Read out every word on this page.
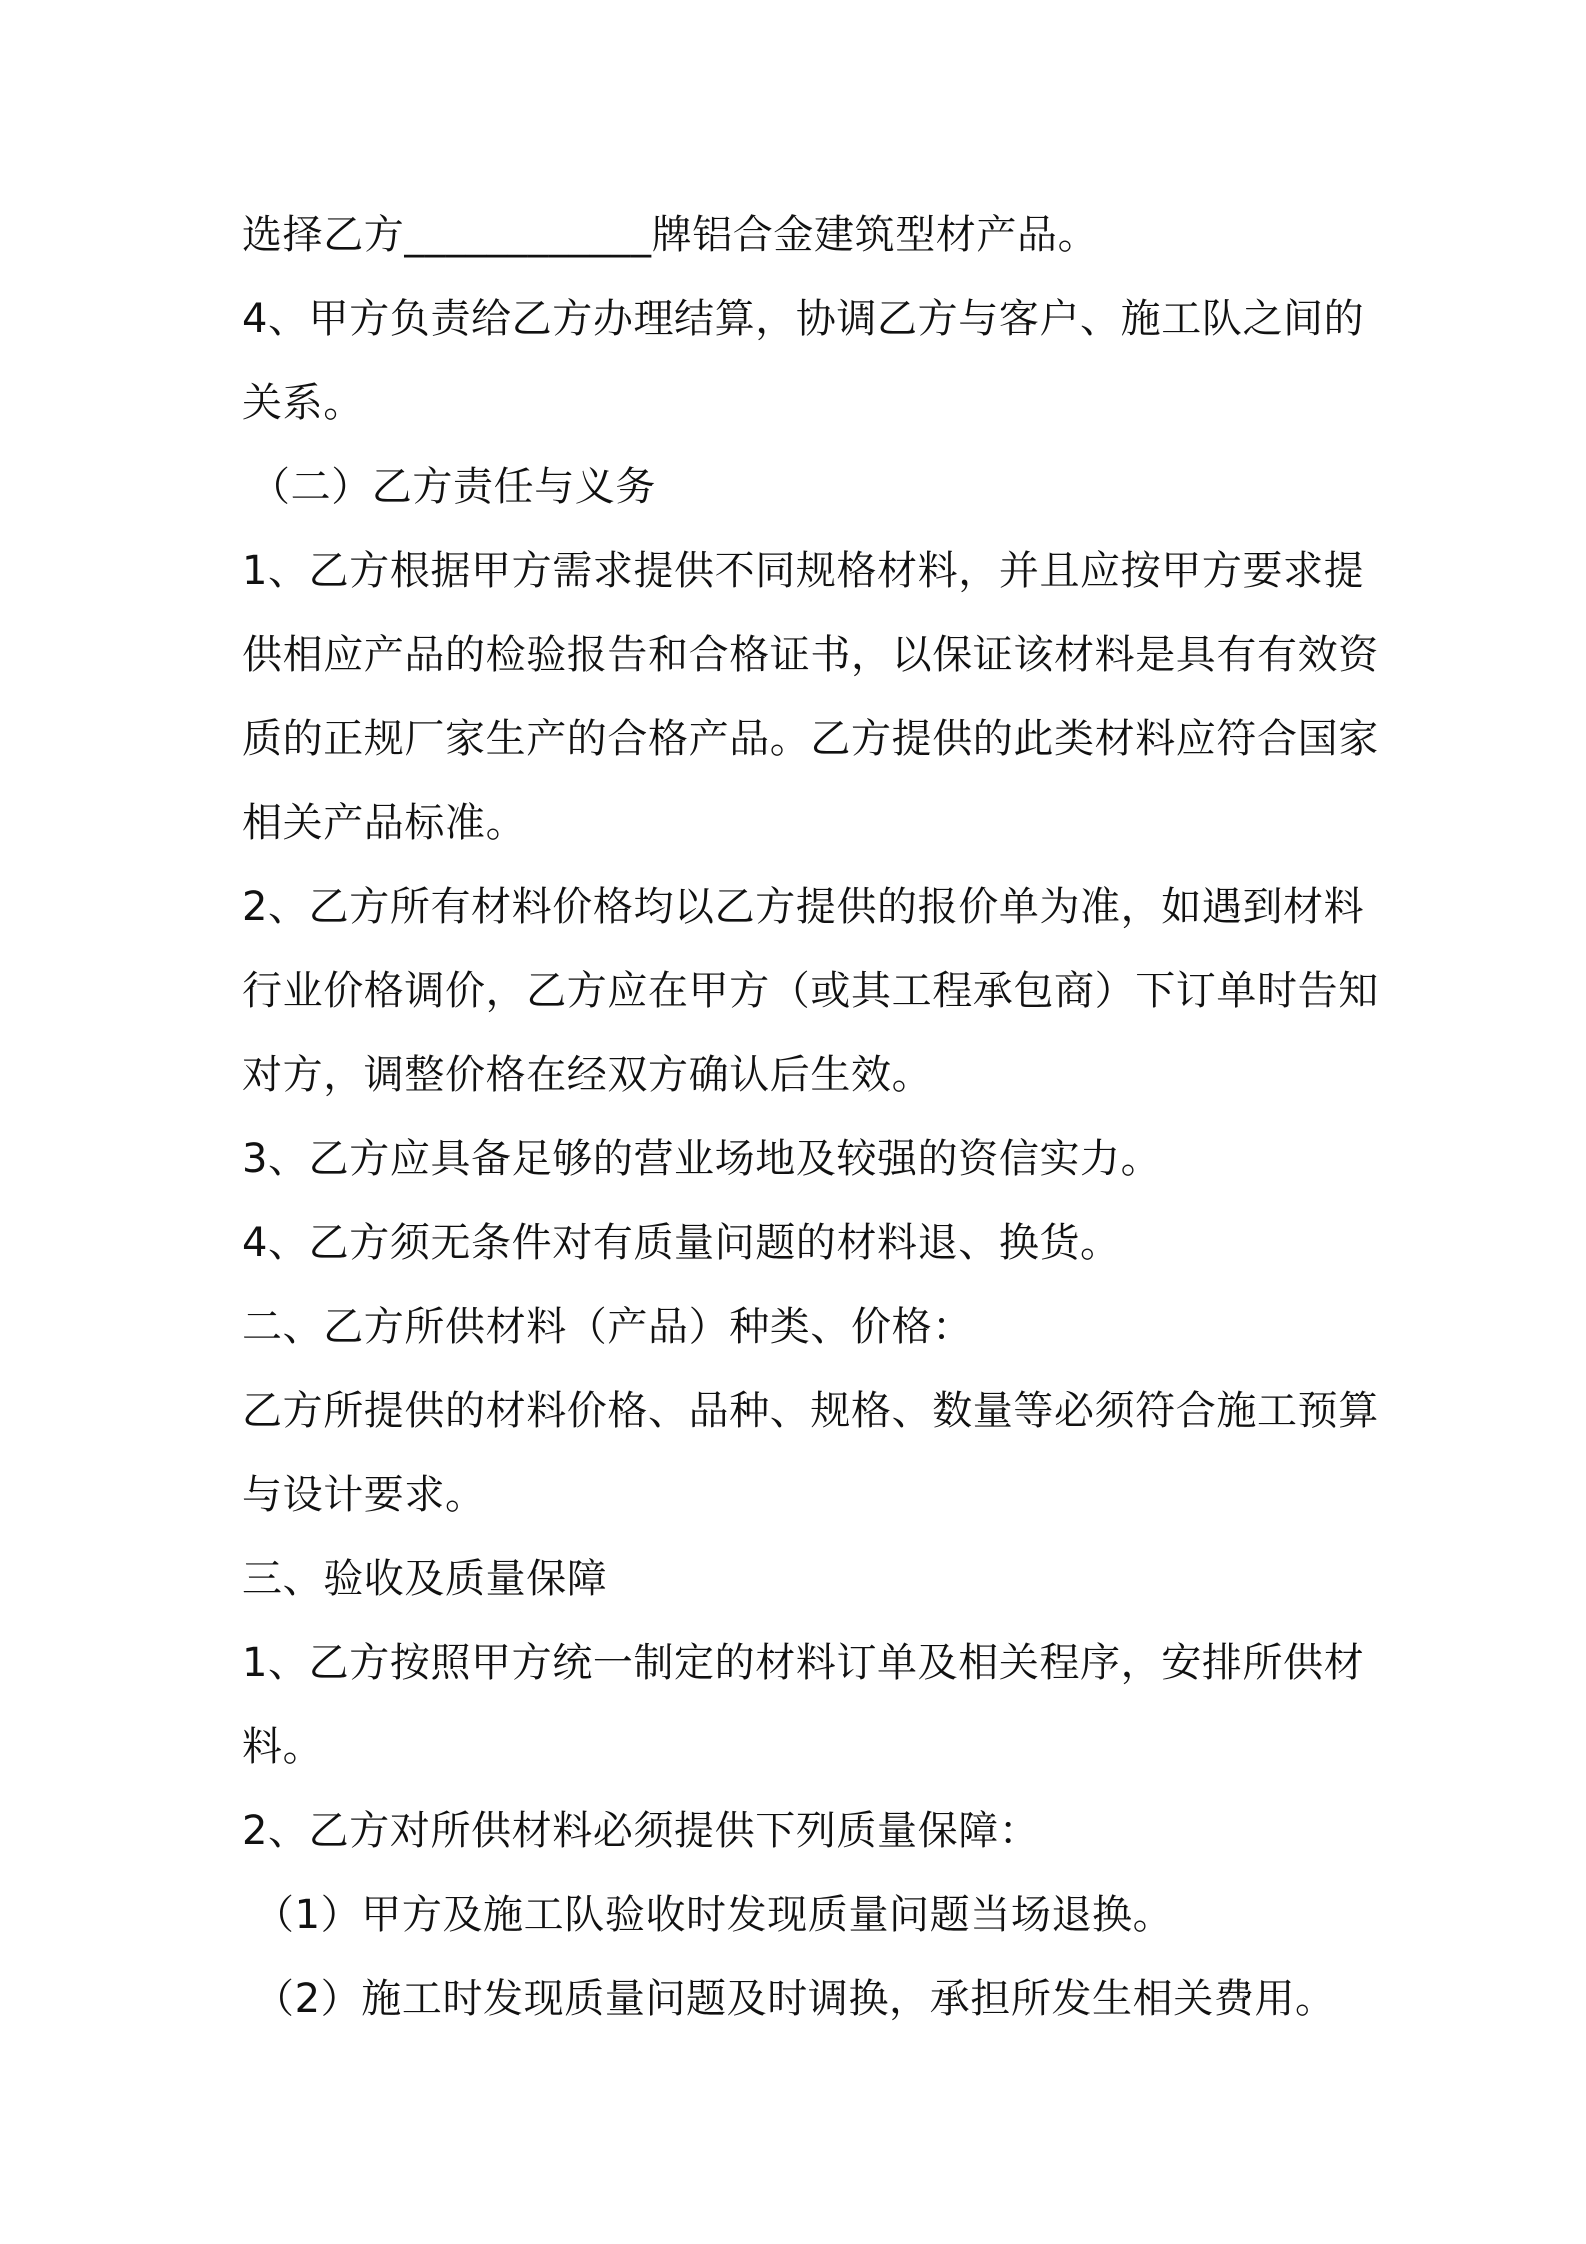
选择乙方____________牌铝合金建筑型材产品。
4、甲方负责给乙方办理结算，协调乙方与客户、施工队之间的
关系。
（二）乙方责任与义务
1、乙方根据甲方需求提供不同规格材料，并且应按甲方要求提
供相应产品的检验报告和合格证书，以保证该材料是具有有效资
质的正规厂家生产的合格产品。乙方提供的此类材料应符合国家
相关产品标准。
2、乙方所有材料价格均以乙方提供的报价单为准，如遇到材料
行业价格调价，乙方应在甲方（或其工程承包商）下订单时告知
对方，调整价格在经双方确认后生效。
3、乙方应具备足够的营业场地及较强的资信实力。
4、乙方须无条件对有质量问题的材料退、换货。
二、乙方所供材料（产品）种类、价格：
乙方所提供的材料价格、品种、规格、数量等必须符合施工预算
与设计要求。
三、验收及质量保障
1、乙方按照甲方统一制定的材料订单及相关程序，安排所供材
料。
2、乙方对所供材料必须提供下列质量保障：
（1）甲方及施工队验收时发现质量问题当场退换。
（2）施工时发现质量问题及时调换，承担所发生相关费用。
